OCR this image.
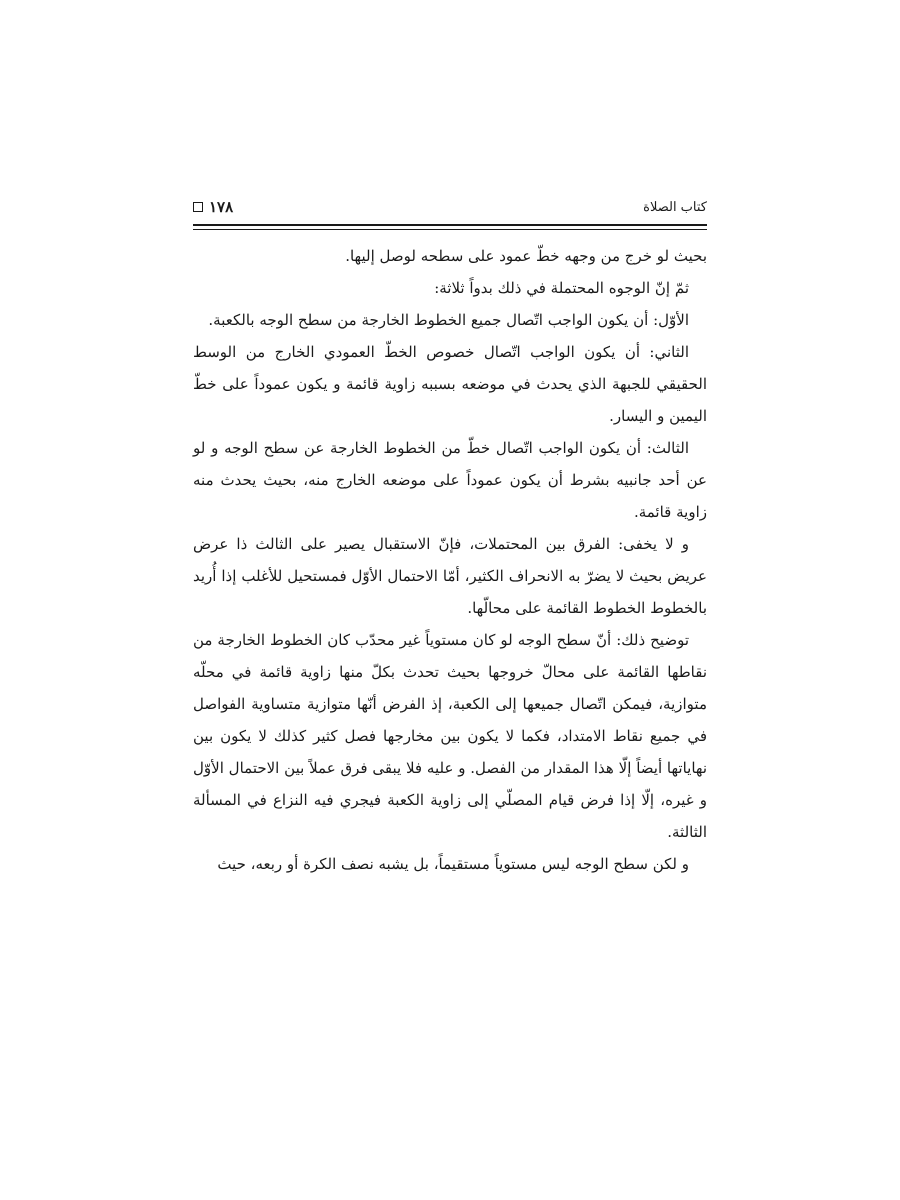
كتاب الصلاة
١٧٨

بحيث لو خرج من وجهه خطّ عمود على سطحه لوصل إليها.

ثمّ إنّ الوجوه المحتملة في ذلك بدواً ثلاثة:

الأوّل: أن يكون الواجب اتّصال جميع الخطوط الخارجة من سطح الوجه بالكعبة.

الثاني: أن يكون الواجب اتّصال خصوص الخطّ العمودي الخارج من الوسط الحقيقي للجبهة الذي يحدث في موضعه بسببه زاوية قائمة و يكون عموداً على خطّ اليمين و اليسار.

الثالث: أن يكون الواجب اتّصال خطّ من الخطوط الخارجة عن سطح الوجه و لو عن أحد جانبيه بشرط أن يكون عموداً على موضعه الخارج منه، بحيث يحدث منه زاوية قائمة.

و لا يخفى: الفرق بين المحتملات، فإنّ الاستقبال يصير على الثالث ذا عرض عريض بحيث لا يضرّ به الانحراف الكثير، أمّا الاحتمال الأوّل فمستحيل للأغلب إذا أُريد بالخطوط الخطوط القائمة على محالّها.

توضيح ذلك: أنّ سطح الوجه لو كان مستوياً غير محدّب كان الخطوط الخارجة من نقاطها القائمة على محالّ خروجها بحيث تحدث بكلّ منها زاوية قائمة في محلّه متوازية، فيمكن اتّصال جميعها إلى الكعبة، إذ الفرض أنّها متوازية متساوية الفواصل في جميع نقاط الامتداد، فكما لا يكون بين مخارجها فصل كثير كذلك لا يكون بين نهاياتها أيضاً إلّا هذا المقدار من الفصل. و عليه فلا يبقى فرق عملاً بين الاحتمال الأوّل و غيره، إلّا إذا فرض قيام المصلّي إلى زاوية الكعبة فيجري فيه النزاع في المسألة الثالثة.

و لكن سطح الوجه ليس مستوياً مستقيماً، بل يشبه نصف الكرة أو ربعه، حيث
